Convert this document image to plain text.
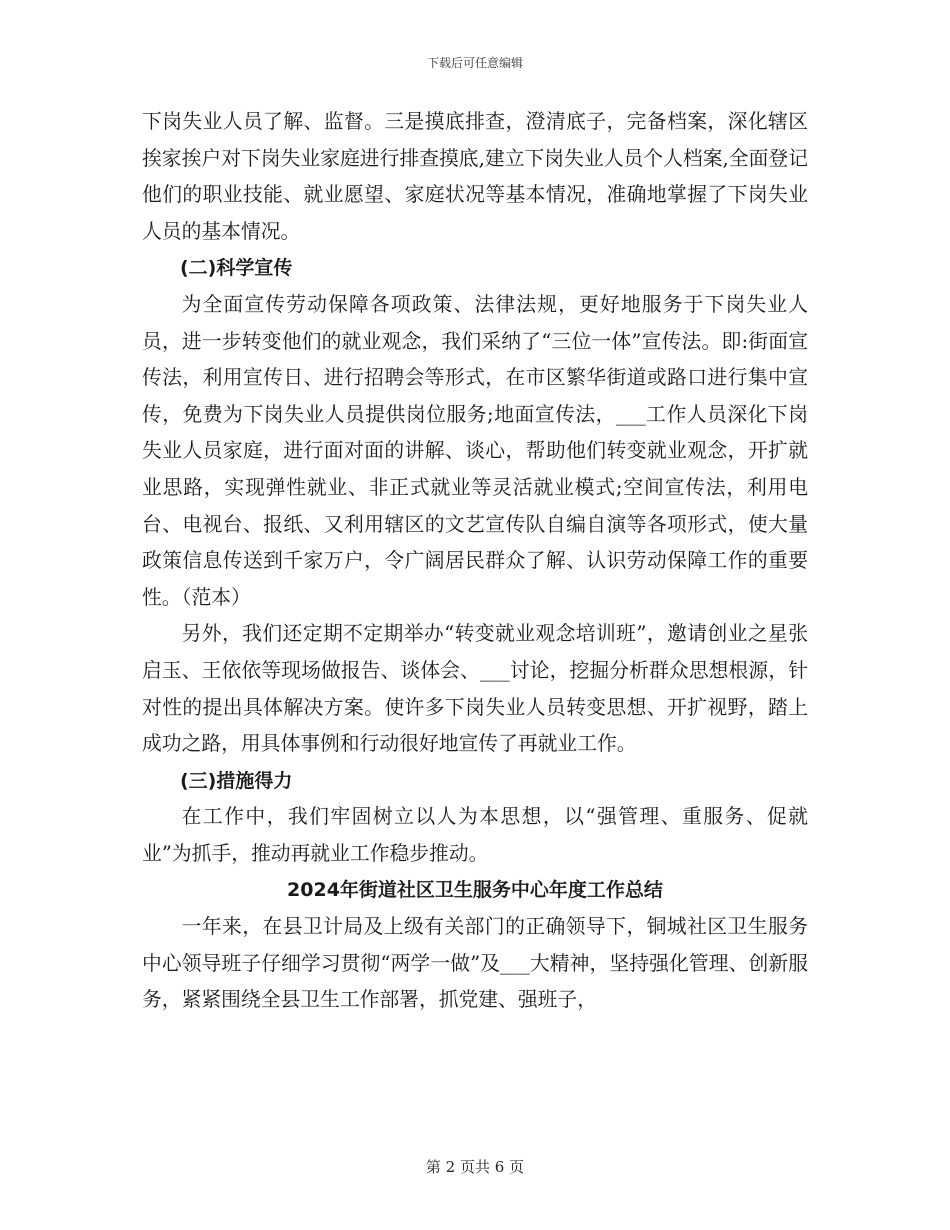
下载后可任意编辑

下岗失业人员了解、监督。三是摸底排查，澄清底子，完备档案，深化辖区挨家挨户对下岗失业家庭进行排查摸底,建立下岗失业人员个人档案,全面登记他们的职业技能、就业愿望、家庭状况等基本情况，准确地掌握了下岗失业人员的基本情况。

(二)科学宣传

为全面宣传劳动保障各项政策、法律法规，更好地服务于下岗失业人员，进一步转变他们的就业观念，我们采纳了“三位一体”宣传法。即:街面宣传法，利用宣传日、进行招聘会等形式，在市区繁华街道或路口进行集中宣传，免费为下岗失业人员提供岗位服务;地面宣传法，___工作人员深化下岗失业人员家庭，进行面对面的讲解、谈心，帮助他们转变就业观念，开扩就业思路，实现弹性就业、非正式就业等灵活就业模式;空间宣传法，利用电台、电视台、报纸、又利用辖区的文艺宣传队自编自演等各项形式，使大量政策信息传送到千家万户，令广阔居民群众了解、认识劳动保障工作的重要性。（范本）

另外，我们还定期不定期举办“转变就业观念培训班”，邀请创业之星张启玉、王依依等现场做报告、谈体会、___讨论，挖掘分析群众思想根源，针对性的提出具体解决方案。使许多下岗失业人员转变思想、开扩视野，踏上成功之路，用具体事例和行动很好地宣传了再就业工作。

(三)措施得力

在工作中，我们牢固树立以人为本思想，以“强管理、重服务、促就业”为抓手，推动再就业工作稳步推动。

2024年街道社区卫生服务中心年度工作总结

一年来，在县卫计局及上级有关部门的正确领导下，铜城社区卫生服务中心领导班子仔细学习贯彻“两学一做”及___大精神，坚持强化管理、创新服务，紧紧围绕全县卫生工作部署，抓党建、强班子，

第 2 页共 6 页
